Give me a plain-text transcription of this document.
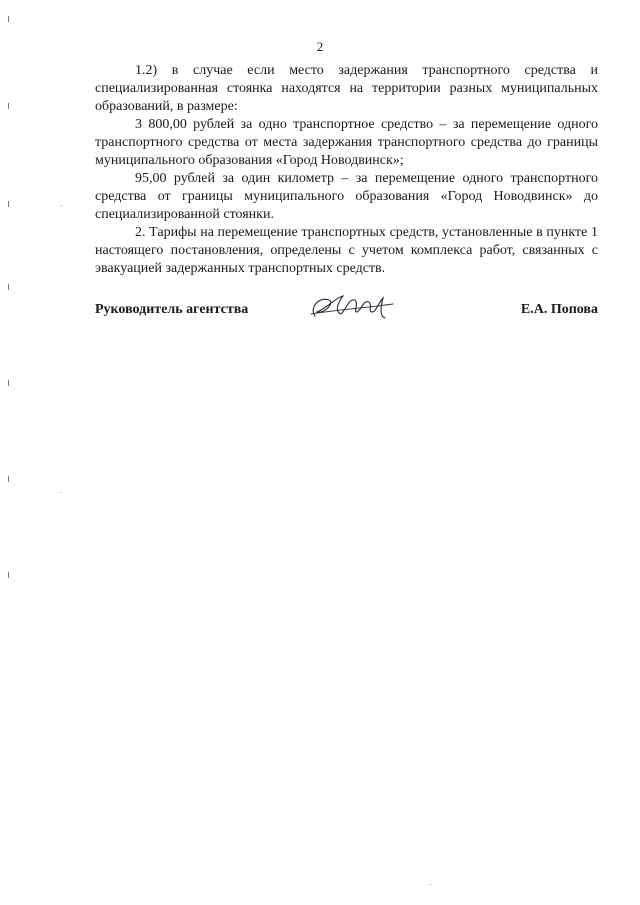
2

1.2) в случае если место задержания транспортного средства и специализированная стоянка находятся на территории разных муниципальных образований, в размере:

3 800,00 рублей за одно транспортное средство – за перемещение одного транспортного средства от места задержания транспортного средства до границы муниципального образования «Город Новодвинск»;

95,00 рублей за один километр – за перемещение одного транспортного средства от границы муниципального образования «Город Новодвинск» до специализированной стоянки.

2. Тарифы на перемещение транспортных средств, установленные в пункте 1 настоящего постановления, определены с учетом комплекса работ, связанных с эвакуацией задержанных транспортных средств.

Руководитель агентства	Е.А. Попова
